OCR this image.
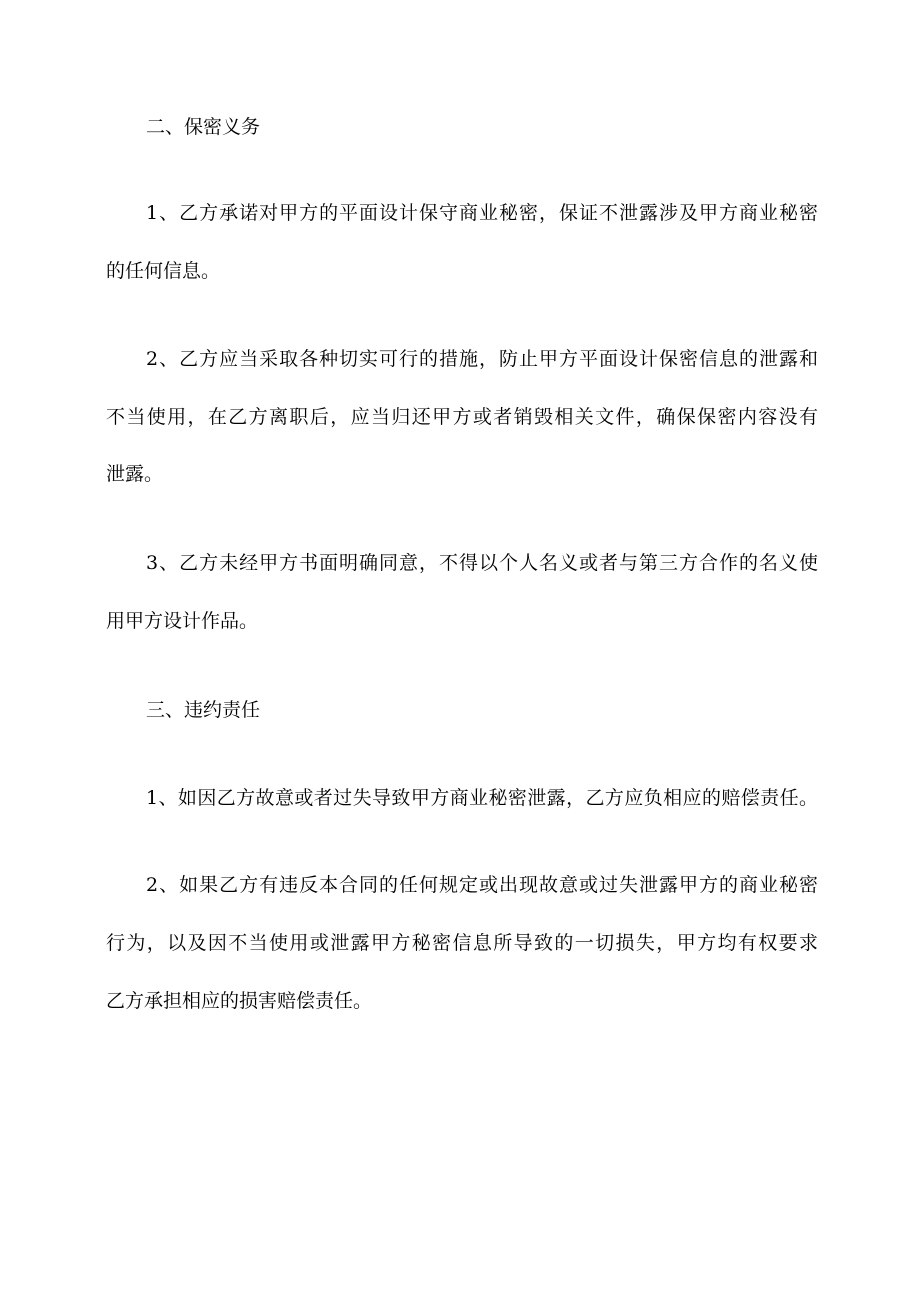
二、保密义务
1、乙方承诺对甲方的平面设计保守商业秘密，保证不泄露涉及甲方商业秘密
的任何信息。
2、乙方应当采取各种切实可行的措施，防止甲方平面设计保密信息的泄露和
不当使用，在乙方离职后，应当归还甲方或者销毁相关文件，确保保密内容没有
泄露。
3、乙方未经甲方书面明确同意，不得以个人名义或者与第三方合作的名义使
用甲方设计作品。
三、违约责任
1、如因乙方故意或者过失导致甲方商业秘密泄露，乙方应负相应的赔偿责任。
2、如果乙方有违反本合同的任何规定或出现故意或过失泄露甲方的商业秘密
行为，以及因不当使用或泄露甲方秘密信息所导致的一切损失，甲方均有权要求
乙方承担相应的损害赔偿责任。
